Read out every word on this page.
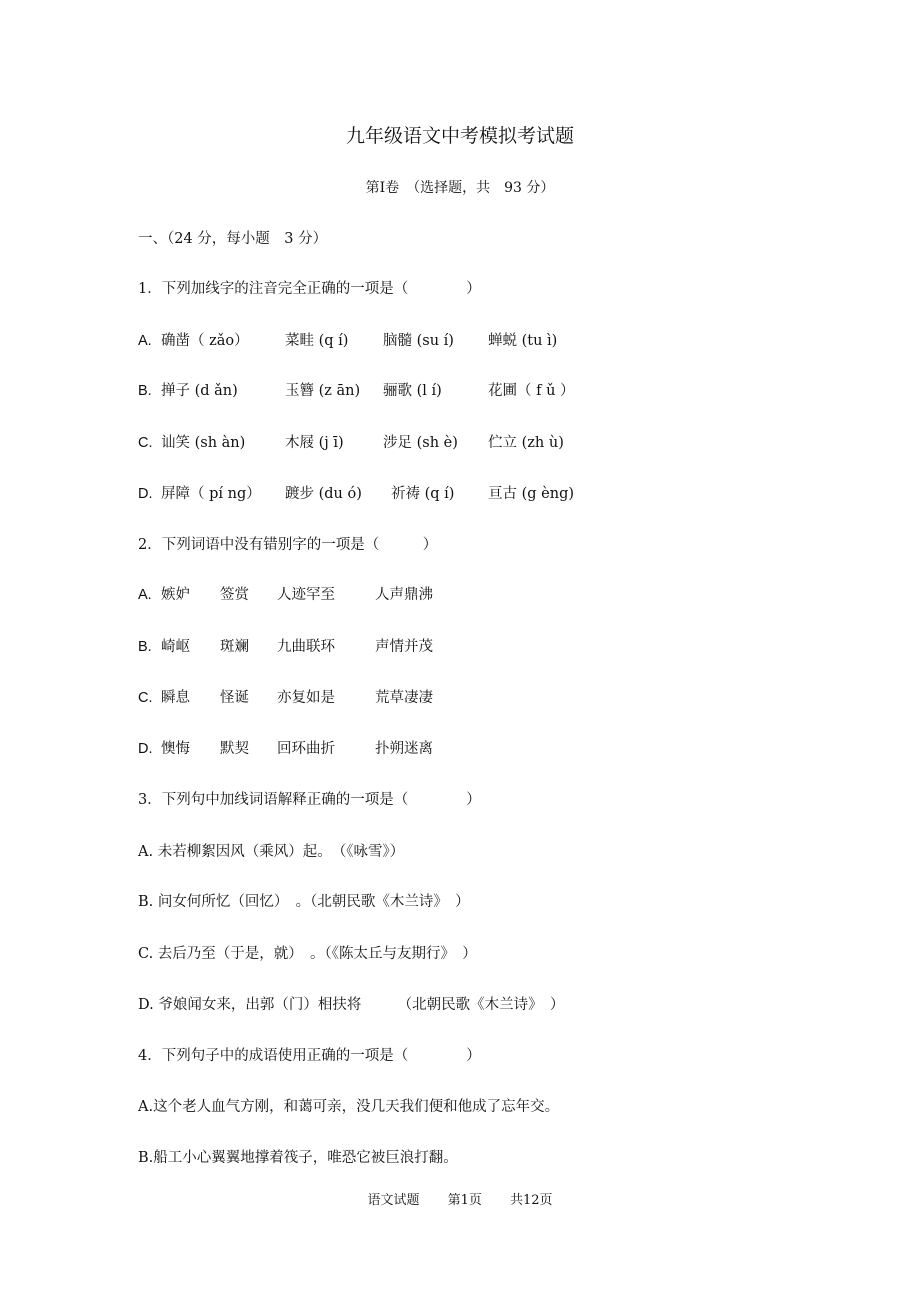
九年级语文中考模拟考试题
第Ⅰ卷　（选择题，共　93 分）
一、（24 分，每小题　3 分）
1．下列加线字的注音完全正确的一项是（　　　　）
A. 确凿（ zǎo）	菜畦 (q í) 脑髓 (su í) 蝉蜕 (tu ì)
B. 掸子 (d ǎn)	玉簪 (z ān) 骊歌 (l í)	花圃（ f ǔ ）
C. 讪笑 (sh àn)	木屐 (j ī)	涉足 (sh è) 伫立 (zh ù)
D. 屏障（ pí ng） 踱步 (du ó) 祈祷 (q í) 亘古 (g èng)
2．下列词语中没有错别字的一项是（　　　）
A. 嫉妒 签赏 人迹罕至	人声鼎沸
B. 崎岖 斑斓 九曲联环	声情并茂
C. 瞬息 怪诞 亦复如是	荒草凄凄
D. 懊悔 默契 回环曲折	扑朔迷离
3．下列句中加线词语解释正确的一项是（　　　　）
A. 未若柳絮因风（乘风）起。　（《咏雪》）
B. 问女何所忆（回忆）　。（北朝民歌《木兰诗》　）
C. 去后乃至（于是，就）　。（《陈太丘与友期行》　）
D. 爷娘闻女来，出郭（门）相扶将　　　（北朝民歌《木兰诗》　）
4．下列句子中的成语使用正确的一项是（　　　　）
A.这个老人血气方刚，和蔼可亲，没几天我们便和他成了忘年交。
B.船工小心翼翼地撑着筏子，唯恐它被巨浪打翻。
语文试题 第1页 共12页
